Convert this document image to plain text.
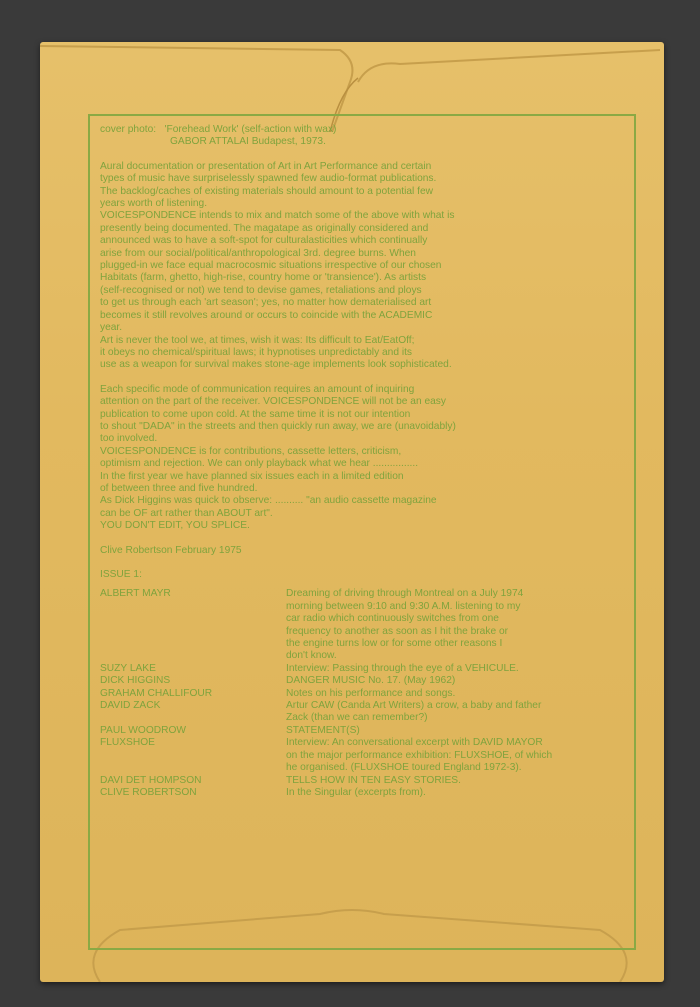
cover photo: 'Forehead Work' (self-action with wax)
GABOR ATTALAI Budapest, 1973.
Aural documentation or presentation of Art in Art Performance and certain
types of music have surpriselessly spawned few audio-format publications.
The backlog/caches of existing materials should amount to a potential few
years worth of listening.
VOICESPONDENCE intends to mix and match some of the above with what is
presently being documented. The magatape as originally considered and
announced was to have a soft-spot for culturalasticities which continually
arise from our social/political/anthropological 3rd. degree burns. When
plugged-in we face equal macrocosmic situations irrespective of our chosen
Habitats (farm, ghetto, high-rise, country home or 'transience'). As artists
(self-recognised or not) we tend to devise games, retaliations and ploys
to get us through each 'art season'; yes, no matter how dematerialised art
becomes it still revolves around or occurs to coincide with the ACADEMIC
year.
Art is never the tool we, at times, wish it was: Its difficult to Eat/EatOff;
it obeys no chemical/spiritual laws; it hypnotises unpredictably and its
use as a weapon for survival makes stone-age implements look sophisticated.
Each specific mode of communication requires an amount of inquiring
attention on the part of the receiver. VOICESPONDENCE will not be an easy
publication to come upon cold. At the same time it is not our intention
to shout "DADA" in the streets and then quickly run away, we are (unavoidably)
too involved.
VOICESPONDENCE is for contributions, cassette letters, criticism,
optimism and rejection. We can only playback what we hear ................
In the first year we have planned six issues each in a limited edition
of between three and five hundred.
As Dick Higgins was quick to observe: .......... "an audio cassette magazine
can be OF art rather than ABOUT art".
YOU DON'T EDIT, YOU SPLICE.
Clive Robertson February 1975
ISSUE 1:
ALBERT MAYR	Dreaming of driving through Montreal on a July 1974
morning between 9:10 and 9:30 A.M. listening to my
car radio which continuously switches from one
frequency to another as soon as I hit the brake or
the engine turns low or for some other reasons I
don't know.
SUZY LAKE	Interview: Passing through the eye of a VEHICULE.
DICK HIGGINS	DANGER MUSIC No. 17. (May 1962)
GRAHAM CHALLIFOUR	Notes on his performance and songs.
DAVID ZACK	Artur CAW (Canda Art Writers) a crow, a baby and father
Zack (than we can remember?)
PAUL WOODROW	STATEMENT(S)
FLUXSHOE	Interview: An conversational excerpt with DAVID MAYOR
on the major performance exhibition: FLUXSHOE, of which
he organised. (FLUXSHOE toured England 1972-3).
DAVI DET HOMPSON	TELLS HOW IN TEN EASY STORIES.
CLIVE ROBERTSON	In the Singular (excerpts from).
